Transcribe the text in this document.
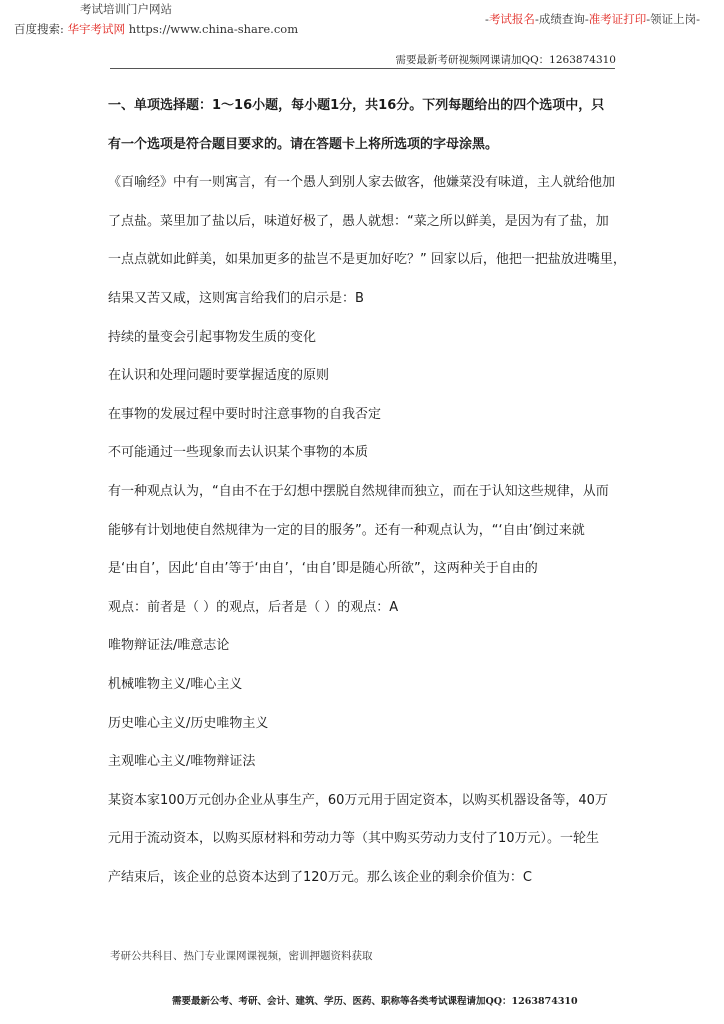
考试培训门户网站
百度搜索: 华宇考试网 https://www.china-share.com
-考试报名-成绩查询-准考证打印-领证上岗-
需要最新考研视频网课请加QQ：1263874310
一、单项选择题：1～16小题，每小题1分，共16分。下列每题给出的四个选项中，只
有一个选项是符合题目要求的。请在答题卡上将所选项的字母涂黑。
《百喻经》中有一则寓言，有一个愚人到别人家去做客，他嫌菜没有味道，主人就给他加
了点盐。菜里加了盐以后，味道好极了，愚人就想：“菜之所以鲜美，是因为有了盐，加
一点点就如此鲜美，如果加更多的盐岂不是更加好吃？” 回家以后，他把一把盐放进嘴里，
结果又苦又咸，这则寓言给我们的启示是：B
持续的量变会引起事物发生质的变化
在认识和处理问题时要掌握适度的原则
在事物的发展过程中要时时注意事物的自我否定
不可能通过一些现象而去认识某个事物的本质
有一种观点认为，“自由不在于幻想中摆脱自然规律而独立，而在于认知这些规律，从而
能够有计划地使自然规律为一定的目的服务”。还有一种观点认为，“‘自由’倒过来就
是‘由自’，因此‘自由’等于‘由自’，‘由自’即是随心所欲”，这两种关于自由的
观点：前者是（ ）的观点，后者是（ ）的观点：A
唯物辩证法/唯意志论
机械唯物主义/唯心主义
历史唯心主义/历史唯物主义
主观唯心主义/唯物辩证法
某资本家100万元创办企业从事生产，60万元用于固定资本，以购买机器设备等，40万
元用于流动资本，以购买原材料和劳动力等（其中购买劳动力支付了10万元）。一轮生
产结束后，该企业的总资本达到了120万元。那么该企业的剩余价值为：C
考研公共科目、热门专业课网课视频，密训押题资料获取
需要最新公考、考研、会计、建筑、学历、医药、职称等各类考试课程请加QQ：1263874310
